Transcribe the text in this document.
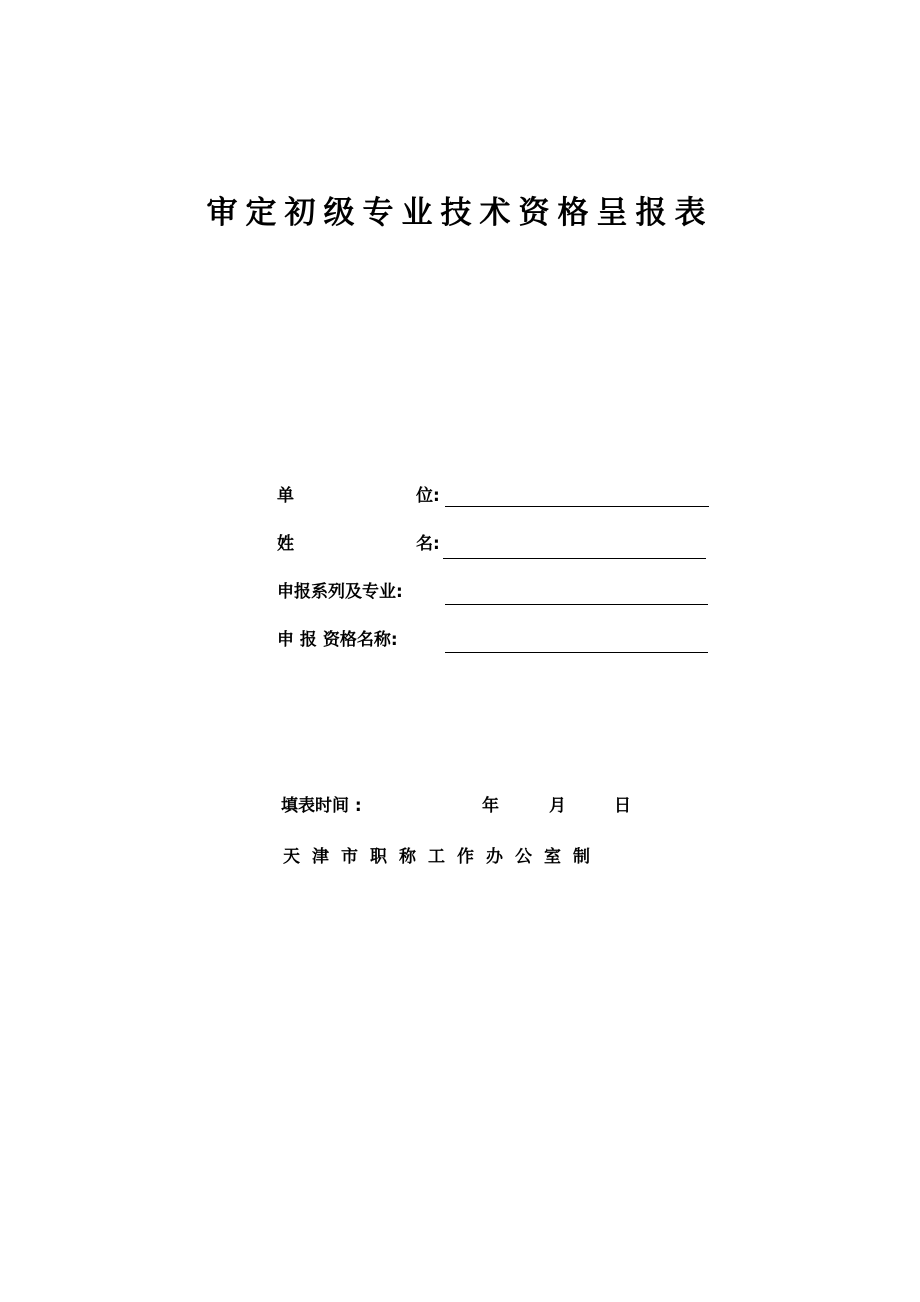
审定初级专业技术资格呈报表
单	位:
姓	名:
申报系列及专业:
申 报 资格名称:
填表时间 :	年	月	日
天津市职称工作办公室制
